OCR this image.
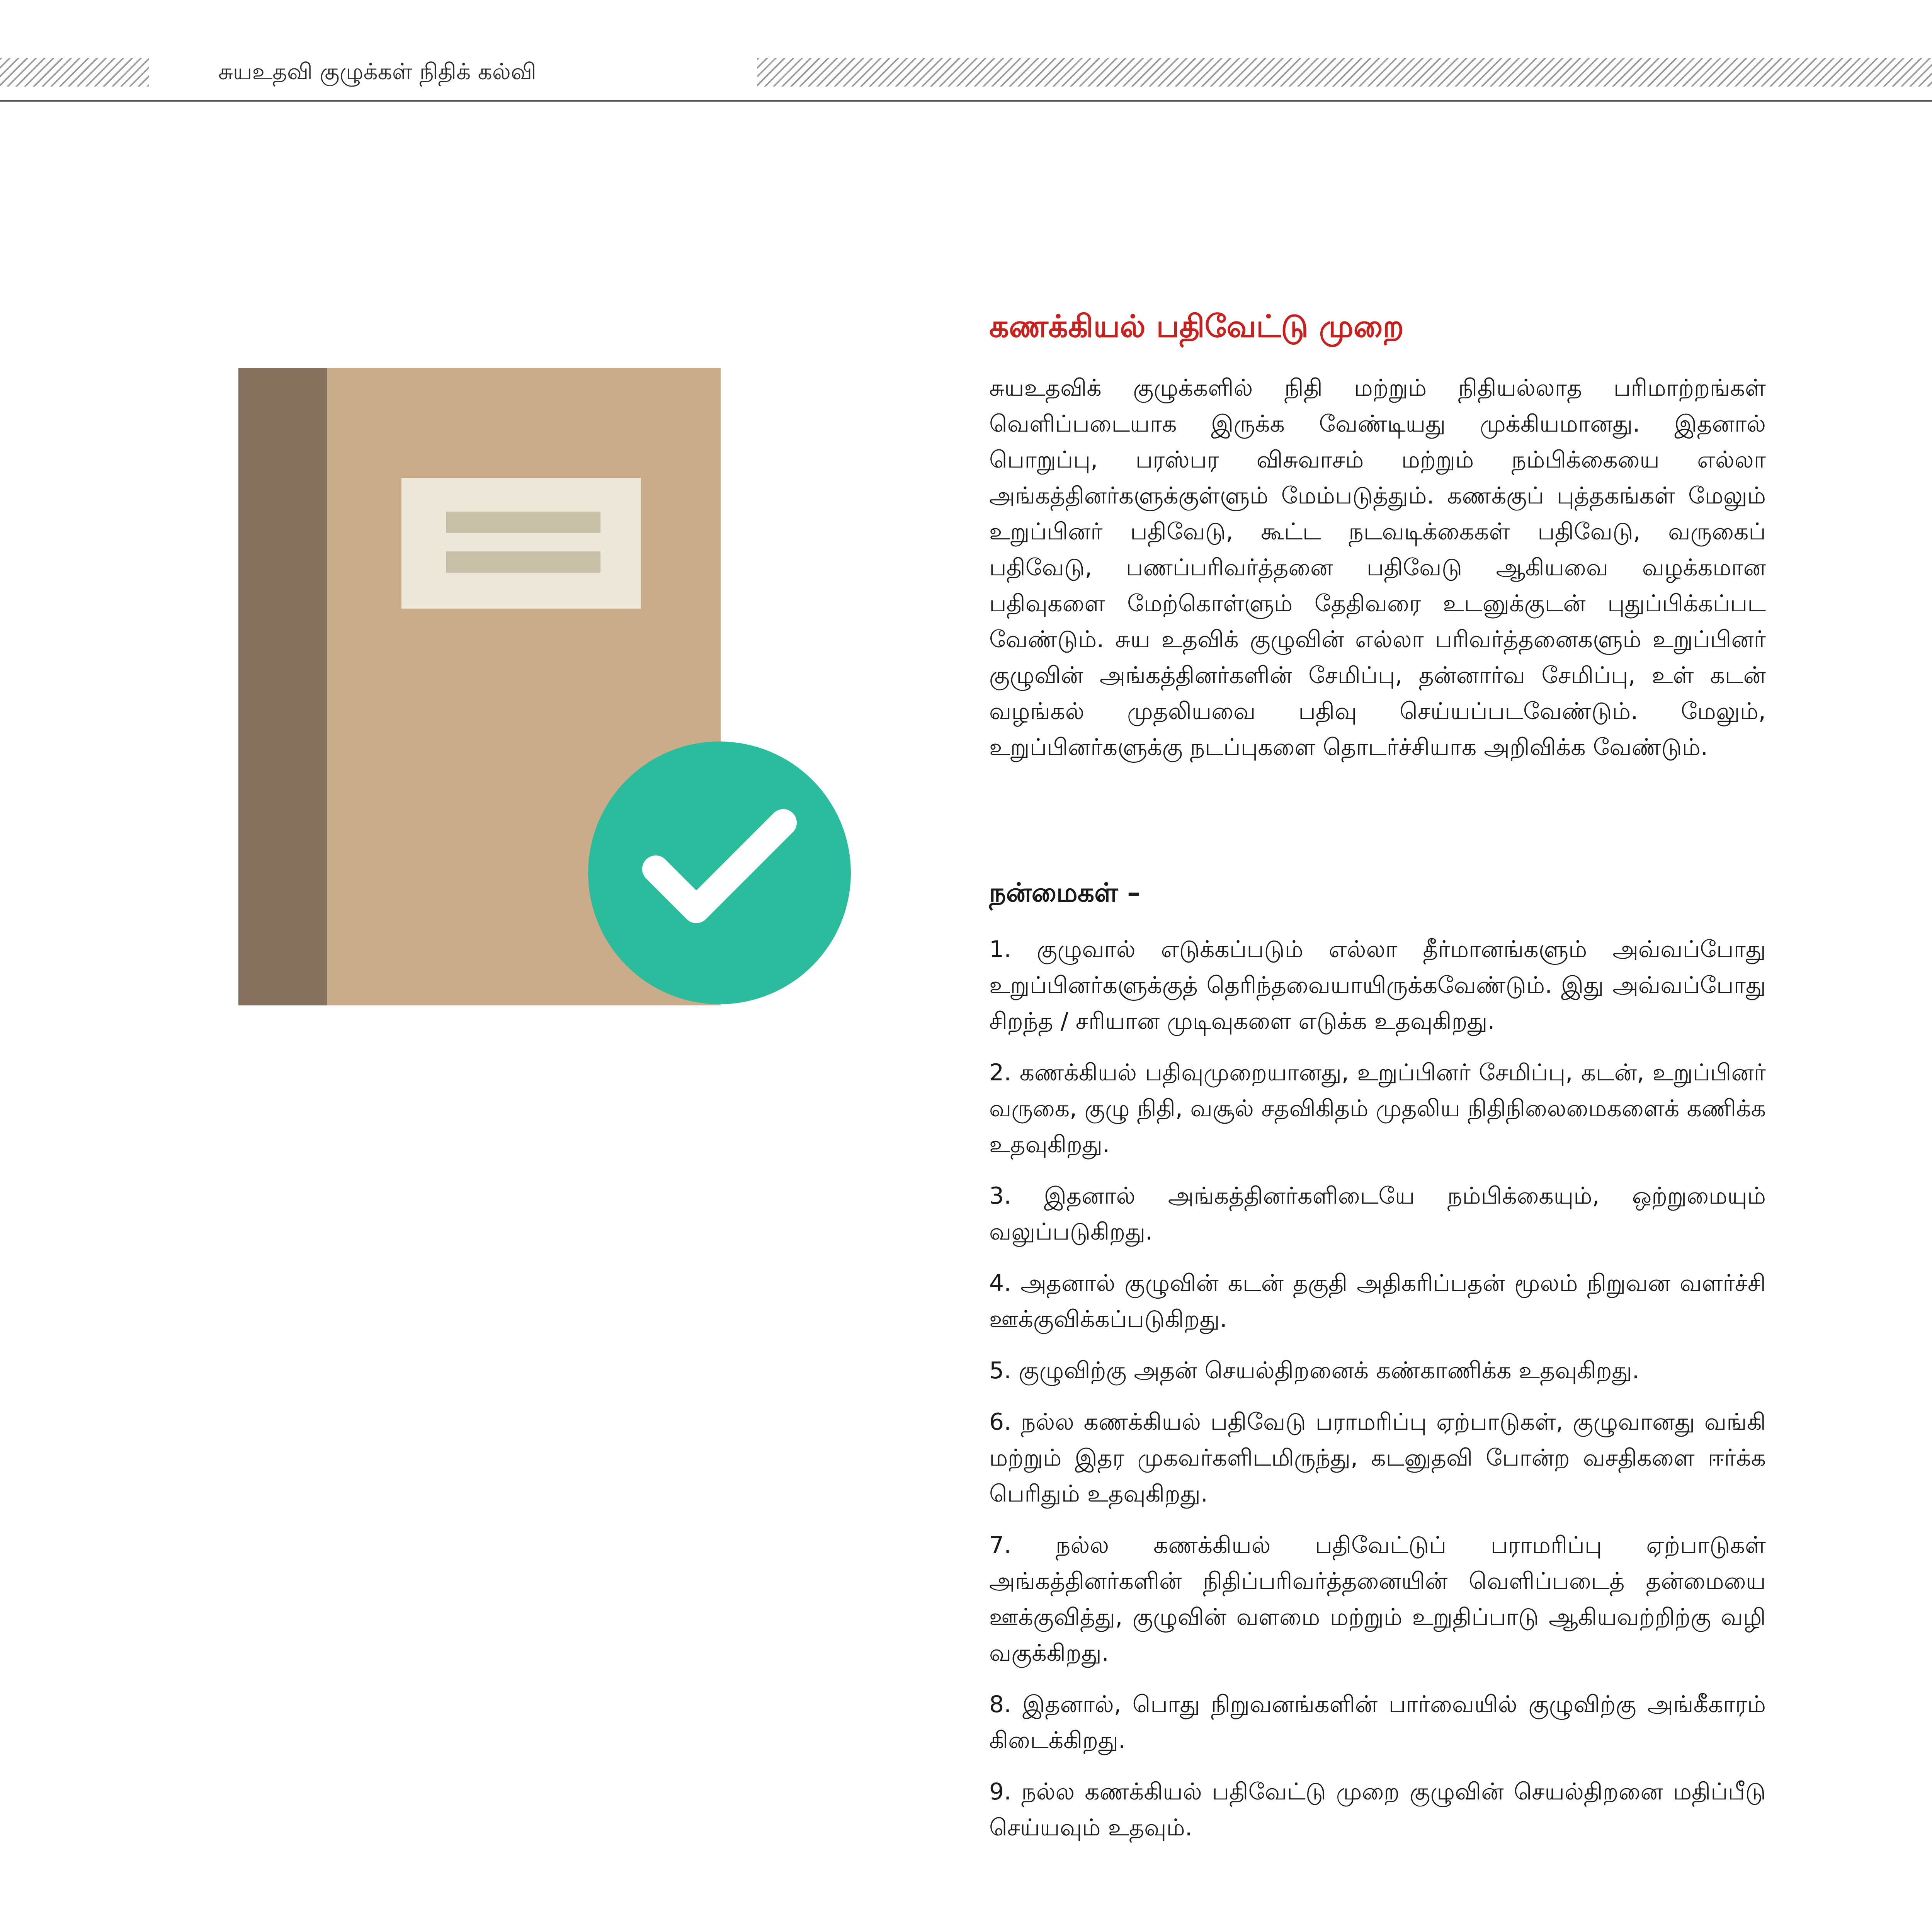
சுயஉதவி குழுக்கள் நிதிக் கல்வி
கணக்கியல் பதிவேட்டு முறை

சுயஉதவிக் குழுக்களில் நிதி மற்றும் நிதியல்லாத பரிமாற்றங்கள் வெளிப்படையாக இருக்க வேண்டியது முக்கியமானது. இதனால் பொறுப்பு, பரஸ்பர விசுவாசம் மற்றும் நம்பிக்கையை எல்லா அங்கத்தினர்களுக்குள்ளும் மேம்படுத்தும். கணக்குப் புத்தகங்கள் மேலும் உறுப்பினர் பதிவேடு, கூட்ட நடவடிக்கைகள் பதிவேடு, வருகைப் பதிவேடு, பணப்பரிவர்த்தனை பதிவேடு ஆகியவை வழக்கமான பதிவுகளை மேற்கொள்ளும் தேதிவரை உடனுக்குடன் புதுப்பிக்கப்பட வேண்டும். சுய உதவிக் குழுவின் எல்லா பரிவர்த்தனைகளும் உறுப்பினர் குழுவின் அங்கத்தினர்களின் சேமிப்பு, தன்னார்வ சேமிப்பு, உள் கடன் வழங்கல் முதலியவை பதிவு செய்யப்படவேண்டும். மேலும், உறுப்பினர்களுக்கு நடப்புகளை தொடர்ச்சியாக அறிவிக்க வேண்டும்.

நன்மைகள் –

1. குழுவால் எடுக்கப்படும் எல்லா தீர்மானங்களும் அவ்வப்போது உறுப்பினர்களுக்குத் தெரிந்தவையாயிருக்கவேண்டும். இது அவ்வப்போது சிறந்த / சரியான முடிவுகளை எடுக்க உதவுகிறது.

2. கணக்கியல் பதிவுமுறையானது, உறுப்பினர் சேமிப்பு, கடன், உறுப்பினர் வருகை, குழு நிதி, வசூல் சதவிகிதம் முதலிய நிதிநிலைமைகளைக் கணிக்க உதவுகிறது.

3. இதனால் அங்கத்தினர்களிடையே நம்பிக்கையும், ஒற்றுமையும் வலுப்படுகிறது.

4. அதனால் குழுவின் கடன் தகுதி அதிகரிப்பதன் மூலம் நிறுவன வளர்ச்சி ஊக்குவிக்கப்படுகிறது.

5. குழுவிற்கு அதன் செயல்திறனைக் கண்காணிக்க உதவுகிறது.

6. நல்ல கணக்கியல் பதிவேடு பராமரிப்பு ஏற்பாடுகள், குழுவானது வங்கி மற்றும் இதர முகவர்களிடமிருந்து, கடனுதவி போன்ற வசதிகளை ஈர்க்க பெரிதும் உதவுகிறது.

7. நல்ல கணக்கியல் பதிவேட்டுப் பராமரிப்பு ஏற்பாடுகள் அங்கத்தினர்களின் நிதிப்பரிவர்த்தனையின் வெளிப்படைத் தன்மையை ஊக்குவித்து, குழுவின் வளமை மற்றும் உறுதிப்பாடு ஆகியவற்றிற்கு வழி வகுக்கிறது.

8. இதனால், பொது நிறுவனங்களின் பார்வையில் குழுவிற்கு அங்கீகாரம் கிடைக்கிறது.

9. நல்ல கணக்கியல் பதிவேட்டு முறை குழுவின் செயல்திறனை மதிப்பீடு செய்யவும் உதவும்.
